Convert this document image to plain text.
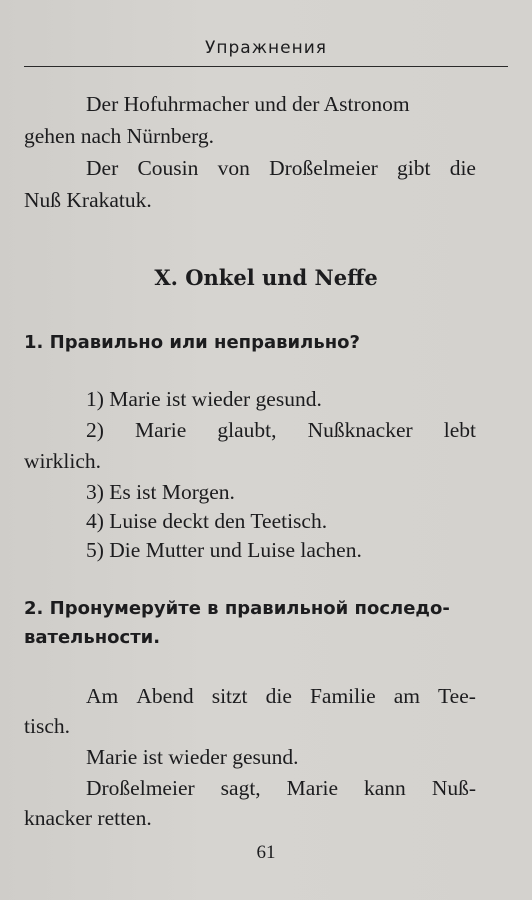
Упражнения
Der Hofuhrmacher und der Astronom
gehen nach Nürnberg.
Der Cousin von Droßelmeier gibt die
Nuß Krakatuk.
X. Onkel und Neffe
1. Правильно или неправильно?
1) Marie ist wieder gesund.
2) Marie glaubt, Nußknacker lebt
wirklich.
3) Es ist Morgen.
4) Luise deckt den Teetisch.
5) Die Mutter und Luise lachen.
2. Пронумеруйте в правильной последо-
вательности.
Am Abend sitzt die Familie am Tee-
tisch.
Marie ist wieder gesund.
Droßelmeier sagt, Marie kann Nuß-
knacker retten.
61
